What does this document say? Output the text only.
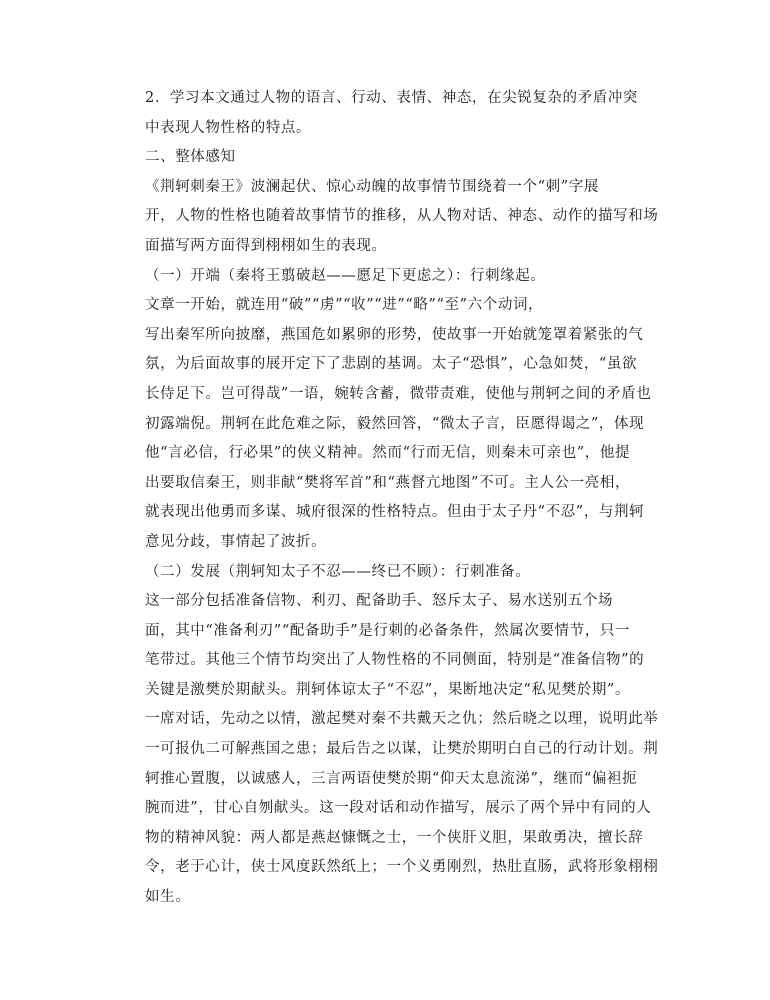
2．学习本文通过人物的语言、行动、表情、神态，在尖锐复杂的矛盾冲突
中表现人物性格的特点。

二、整体感知

《荆轲刺秦王》波澜起伏、惊心动魄的故事情节围绕着一个“刺”字展
开，人物的性格也随着故事情节的推移，从人物对话、神态、动作的描写和场
面描写两方面得到栩栩如生的表现。

（一）开端（秦将王翦破赵——愿足下更虑之）：行刺缘起。

文章一开始，就连用“破”“虏”“收”“进”“略”“至”六个动词，
写出秦军所向披靡，燕国危如累卵的形势，使故事一开始就笼罩着紧张的气
氛，为后面故事的展开定下了悲剧的基调。太子“恐惧”，心急如焚，“虽欲
长侍足下。岂可得哉”一语，婉转含蓄，微带责难，使他与荆轲之间的矛盾也
初露端倪。荆轲在此危难之际，毅然回答，“微太子言，臣愿得谒之”，体现
他“言必信，行必果”的侠义精神。然而“行而无信，则秦未可亲也”，他提
出要取信秦王，则非献“樊将军首”和“燕督亢地图”不可。主人公一亮相，
就表现出他勇而多谋、城府很深的性格特点。但由于太子丹“不忍”，与荆轲
意见分歧，事情起了波折。

（二）发展（荆轲知太子不忍——终已不顾）：行刺准备。

这一部分包括准备信物、利刃、配备助手、怒斥太子、易水送别五个场
面，其中“准备利刃”“配备助手”是行刺的必备条件，然属次要情节，只一
笔带过。其他三个情节均突出了人物性格的不同侧面，特别是“准备信物”的
关键是激樊於期献头。荆轲体谅太子“不忍”，果断地决定“私见樊於期”。
一席对话，先动之以情，激起樊对秦不共戴天之仇；然后晓之以理，说明此举
一可报仇二可解燕国之患；最后告之以谋，让樊於期明白自己的行动计划。荆
轲推心置腹，以诚感人，三言两语使樊於期“仰天太息流涕”，继而“偏袒扼
腕而进”，甘心自刎献头。这一段对话和动作描写，展示了两个异中有同的人
物的精神风貌：两人都是燕赵慷慨之士，一个侠肝义胆，果敢勇决，擅长辞
令，老于心计，侠士风度跃然纸上；一个义勇刚烈，热肚直肠，武将形象栩栩
如生。
